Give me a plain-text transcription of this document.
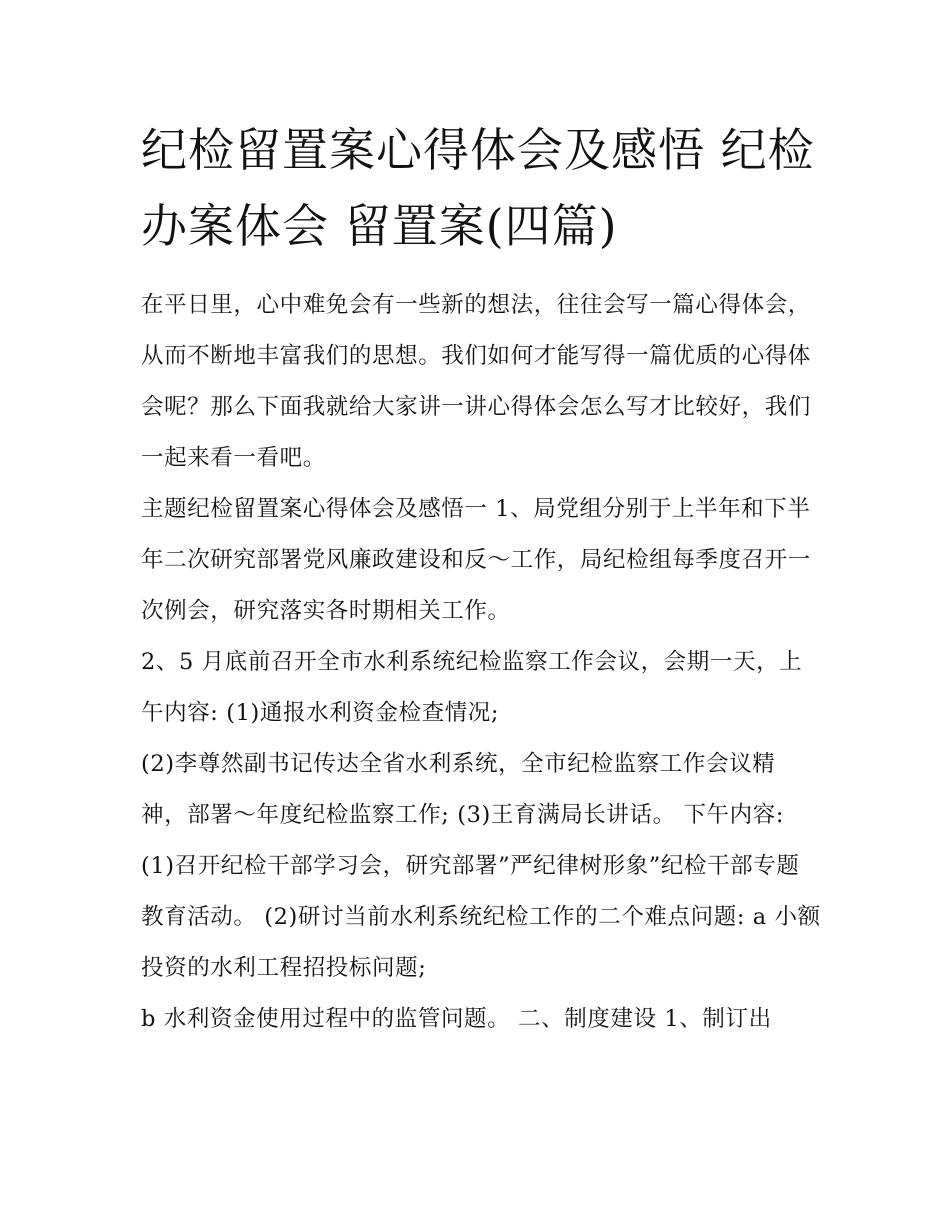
纪检留置案心得体会及感悟 纪检办案体会 留置案(四篇)

在平日里，心中难免会有一些新的想法，往往会写一篇心得体会，从而不断地丰富我们的思想。我们如何才能写得一篇优质的心得体会呢？那么下面我就给大家讲一讲心得体会怎么写才比较好，我们一起来看一看吧。

主题纪检留置案心得体会及感悟一 1、局党组分别于上半年和下半年二次研究部署党风廉政建设和反～工作，局纪检组每季度召开一次例会，研究落实各时期相关工作。

2、5 月底前召开全市水利系统纪检监察工作会议，会期一天，上午内容: (1)通报水利资金检查情况;

(2)李尊然副书记传达全省水利系统，全市纪检监察工作会议精神，部署～年度纪检监察工作; (3)王育满局长讲话。 下午内容:

(1)召开纪检干部学习会，研究部署”严纪律树形象”纪检干部专题教育活动。 (2)研讨当前水利系统纪检工作的二个难点问题: a 小额投资的水利工程招投标问题;

b 水利资金使用过程中的监管问题。 二、制度建设 1、制订出
